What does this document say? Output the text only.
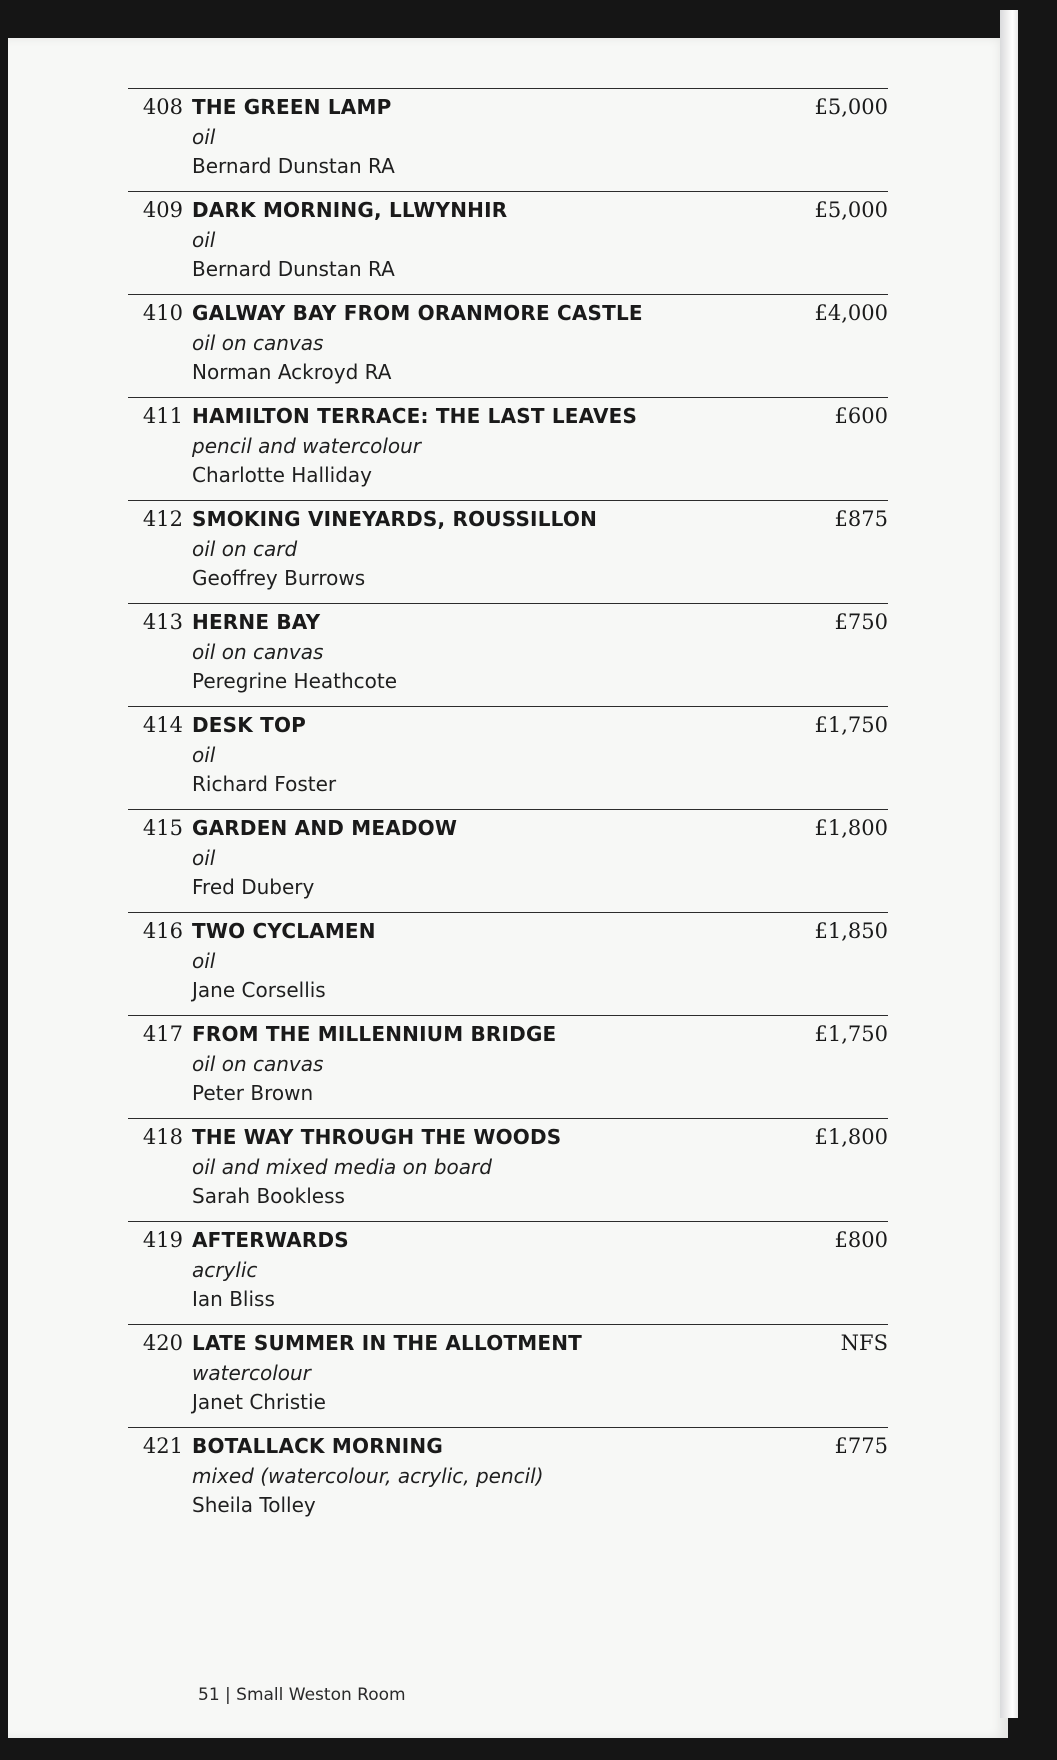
408 THE GREEN LAMP
oil
Bernard Dunstan RA
£5,000
409 DARK MORNING, LLWYNHIR
oil
Bernard Dunstan RA
£5,000
410 GALWAY BAY FROM ORANMORE CASTLE
oil on canvas
Norman Ackroyd RA
£4,000
411 HAMILTON TERRACE: THE LAST LEAVES
pencil and watercolour
Charlotte Halliday
£600
412 SMOKING VINEYARDS, ROUSSILLON
oil on card
Geoffrey Burrows
£875
413 HERNE BAY
oil on canvas
Peregrine Heathcote
£750
414 DESK TOP
oil
Richard Foster
£1,750
415 GARDEN AND MEADOW
oil
Fred Dubery
£1,800
416 TWO CYCLAMEN
oil
Jane Corsellis
£1,850
417 FROM THE MILLENNIUM BRIDGE
oil on canvas
Peter Brown
£1,750
418 THE WAY THROUGH THE WOODS
oil and mixed media on board
Sarah Bookless
£1,800
419 AFTERWARDS
acrylic
Ian Bliss
£800
420 LATE SUMMER IN THE ALLOTMENT
watercolour
Janet Christie
NFS
421 BOTALLACK MORNING
mixed (watercolour, acrylic, pencil)
Sheila Tolley
£775
51 | Small Weston Room
